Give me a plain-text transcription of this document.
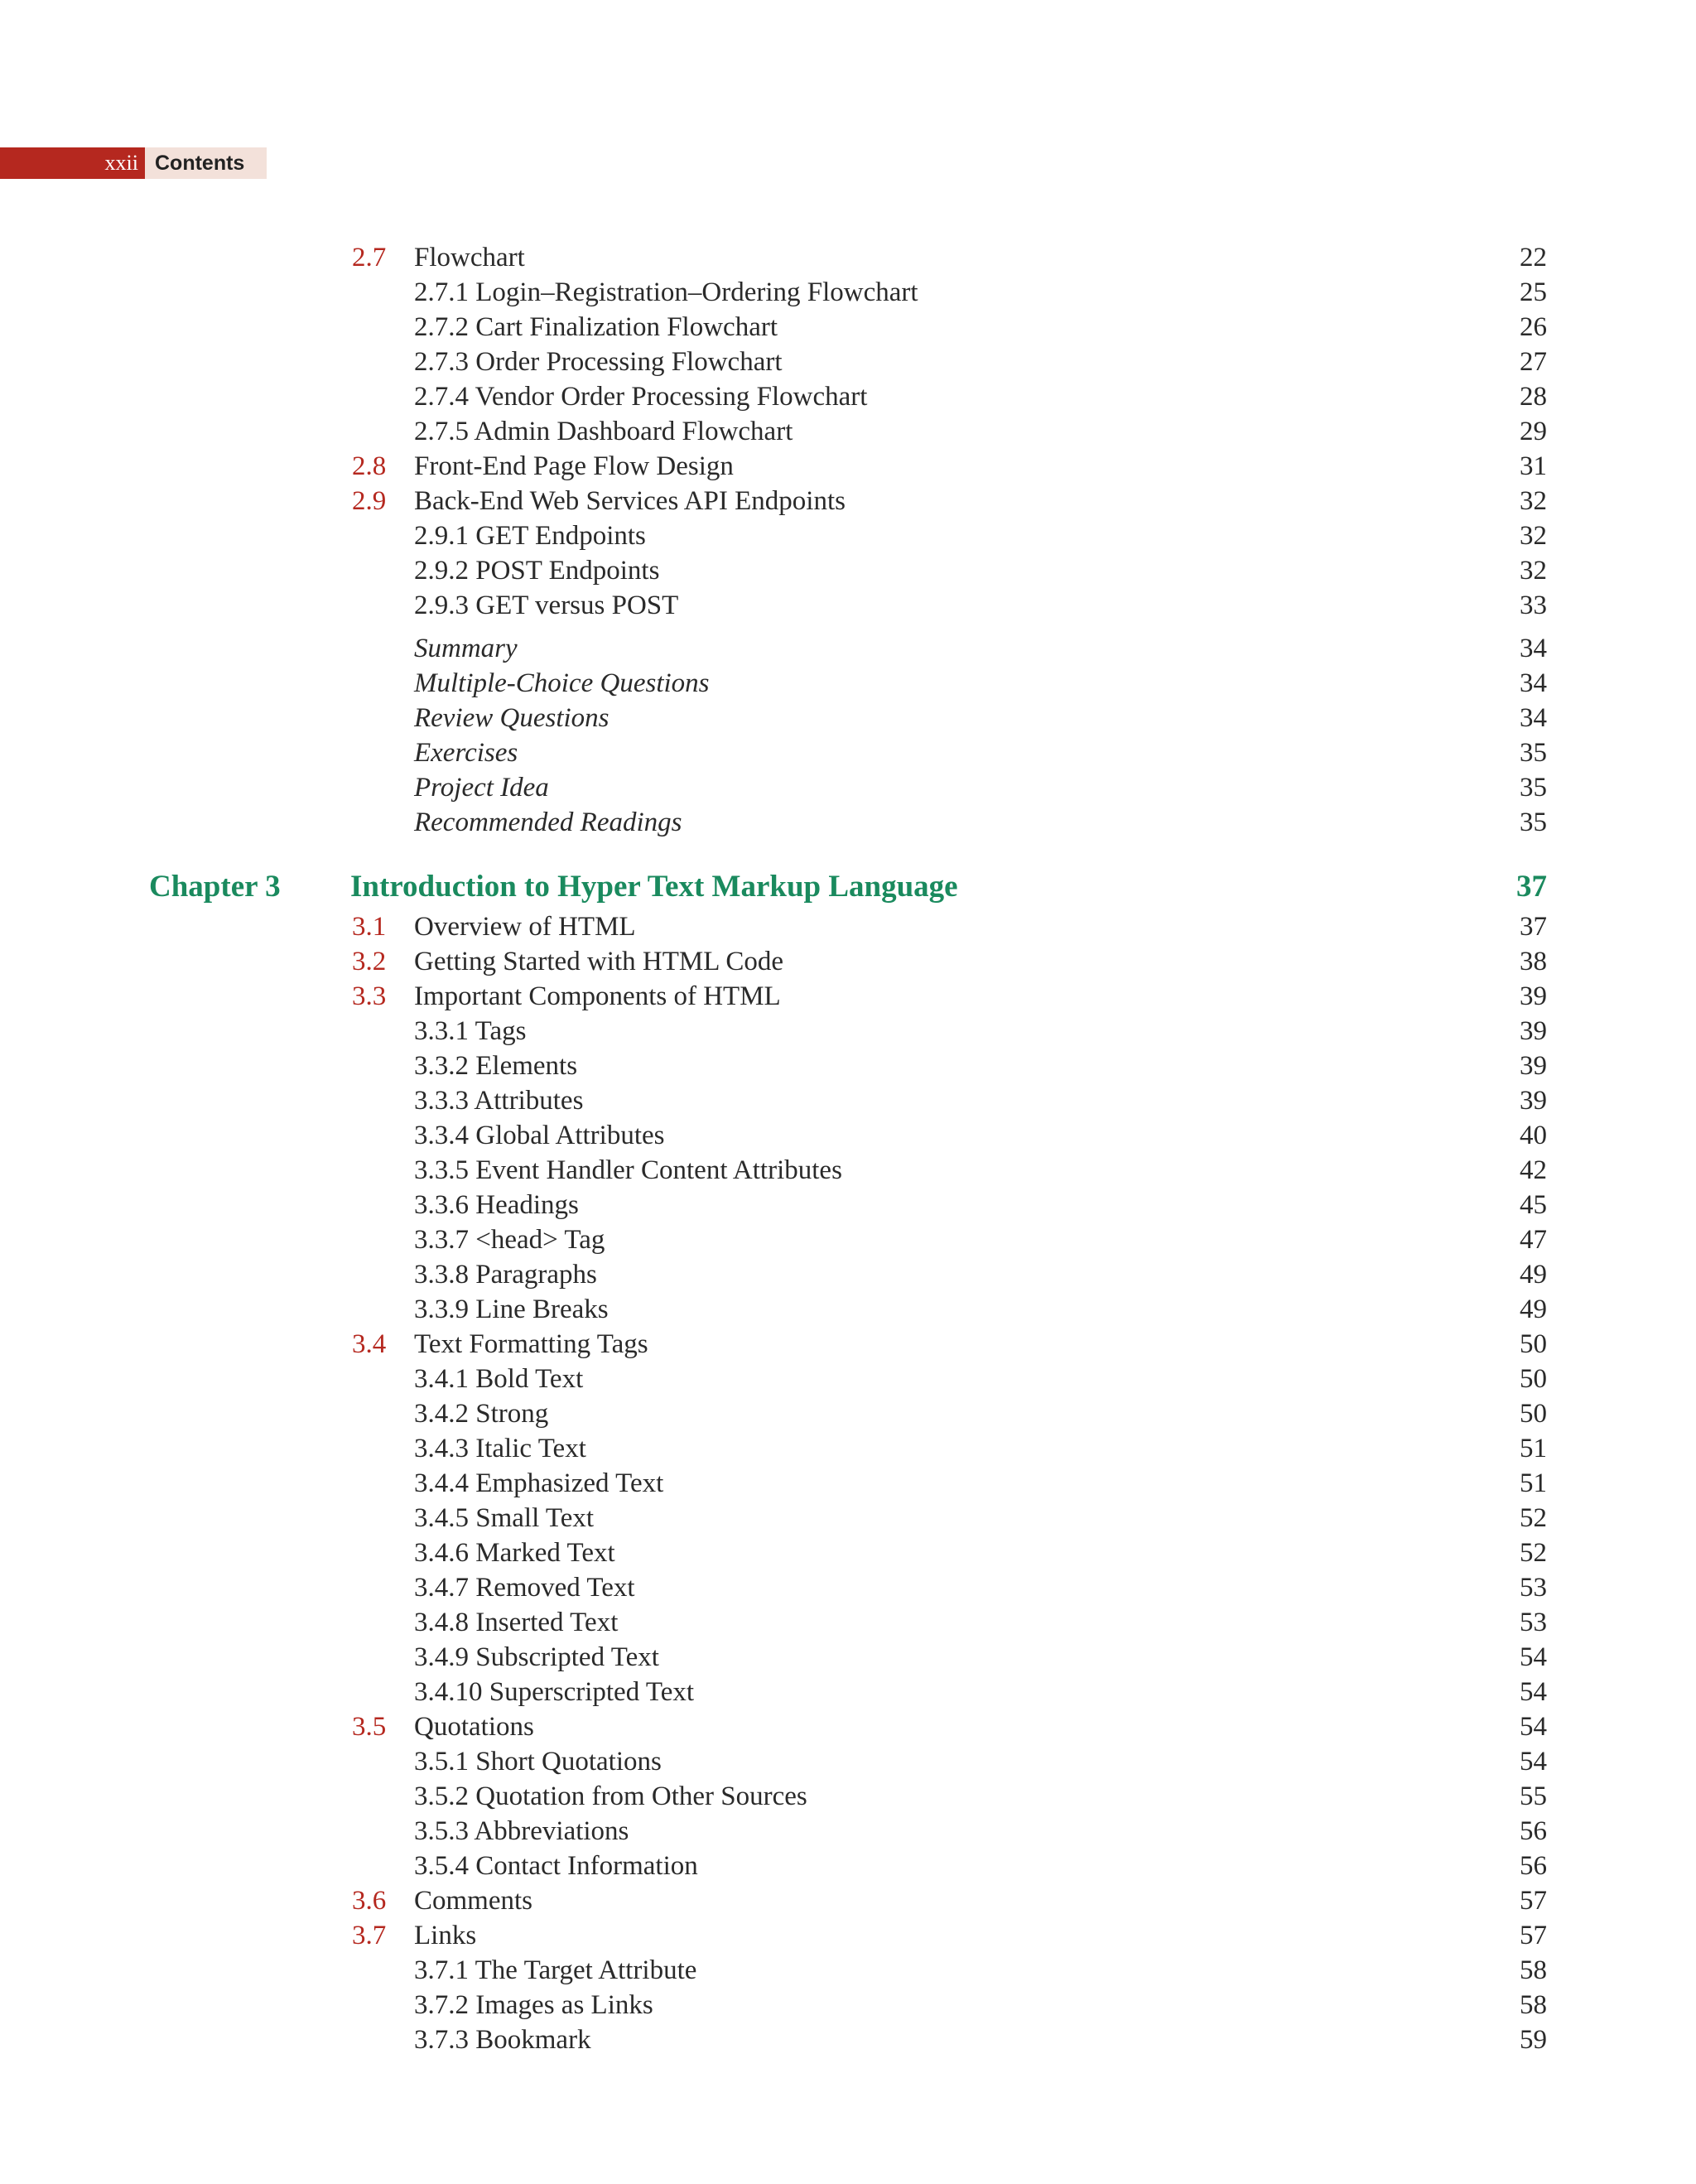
xxii Contents
2.7 Flowchart	22
2.7.1 Login–Registration–Ordering Flowchart	25
2.7.2 Cart Finalization Flowchart	26
2.7.3 Order Processing Flowchart	27
2.7.4 Vendor Order Processing Flowchart	28
2.7.5 Admin Dashboard Flowchart	29
2.8 Front-End Page Flow Design	31
2.9 Back-End Web Services API Endpoints	32
2.9.1 GET Endpoints	32
2.9.2 POST Endpoints	32
2.9.3 GET versus POST	33
Summary	34
Multiple-Choice Questions	34
Review Questions	34
Exercises	35
Project Idea	35
Recommended Readings	35
Chapter 3 Introduction to Hyper Text Markup Language	37
3.1 Overview of HTML	37
3.2 Getting Started with HTML Code	38
3.3 Important Components of HTML	39
3.3.1 Tags	39
3.3.2 Elements	39
3.3.3 Attributes	39
3.3.4 Global Attributes	40
3.3.5 Event Handler Content Attributes	42
3.3.6 Headings	45
3.3.7 <head> Tag	47
3.3.8 Paragraphs	49
3.3.9 Line Breaks	49
3.4 Text Formatting Tags	50
3.4.1 Bold Text	50
3.4.2 Strong	50
3.4.3 Italic Text	51
3.4.4 Emphasized Text	51
3.4.5 Small Text	52
3.4.6 Marked Text	52
3.4.7 Removed Text	53
3.4.8 Inserted Text	53
3.4.9 Subscripted Text	54
3.4.10 Superscripted Text	54
3.5 Quotations	54
3.5.1 Short Quotations	54
3.5.2 Quotation from Other Sources	55
3.5.3 Abbreviations	56
3.5.4 Contact Information	56
3.6 Comments	57
3.7 Links	57
3.7.1 The Target Attribute	58
3.7.2 Images as Links	58
3.7.3 Bookmark	59
